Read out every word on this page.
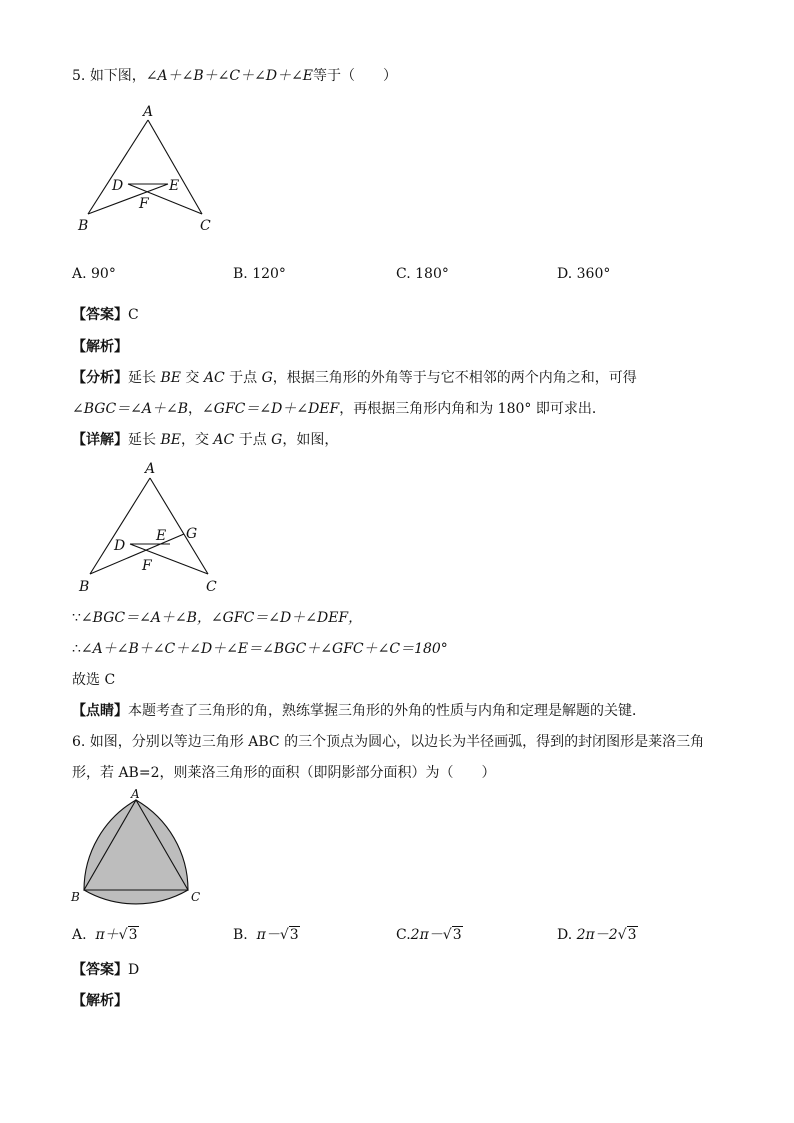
5. 如下图，∠A＋∠B＋∠C＋∠D＋∠E等于（　　）
A
D	E
F
B	C
A. 90°	B. 120°	C. 180°	D. 360°
【答案】C
【解析】
【分析】延长 BE 交 AC 于点 G，根据三角形的外角等于与它不相邻的两个内角之和，可得
∠BGC＝∠A＋∠B，∠GFC＝∠D＋∠DEF，再根据三角形内角和为 180° 即可求出．
【详解】延长 BE，交 AC 于点 G，如图，
A
D
E G
F
B	C
∵∠BGC＝∠A＋∠B，∠GFC＝∠D＋∠DEF，
∴∠A＋∠B＋∠C＋∠D＋∠E＝∠BGC＋∠GFC＋∠C＝180°
故选 C
【点睛】本题考查了三角形的角，熟练掌握三角形的外角的性质与内角和定理是解题的关键．
6. 如图，分别以等边三角形 ABC 的三个顶点为圆心，以边长为半径画弧，得到的封闭图形是莱洛三角
形，若 AB=2，则莱洛三角形的面积（即阴影部分面积）为（　　）
A
B	C
A. π＋√3	B. π－√3	C.2π－√3	D. 2π－2√3
【答案】D
【解析】
